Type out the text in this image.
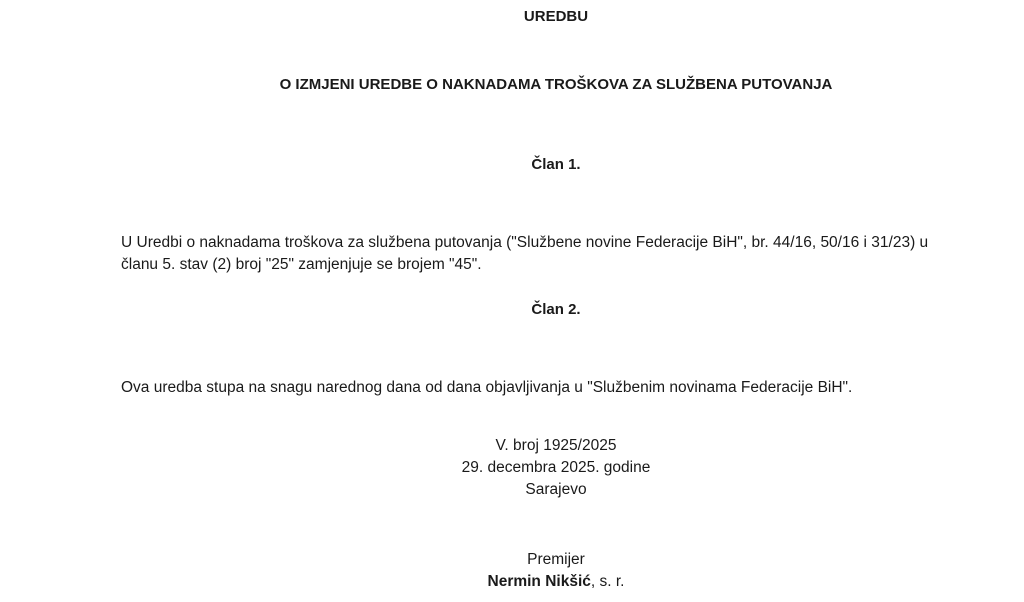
UREDBU
O IZMJENI UREDBE O NAKNADAMA TROŠKOVA ZA SLUŽBENA PUTOVANJA
Član 1.
U Uredbi o naknadama troškova za službena putovanja ("Službene novine Federacije BiH", br. 44/16, 50/16 i 31/23) u
članu 5. stav (2) broj "25" zamjenjuje se brojem "45".
Član 2.
Ova uredba stupa na snagu narednog dana od dana objavljivanja u "Službenim novinama Federacije BiH".
V. broj 1925/2025
29. decembra 2025. godine
Sarajevo
Premijer
Nermin Nikšić, s. r.
